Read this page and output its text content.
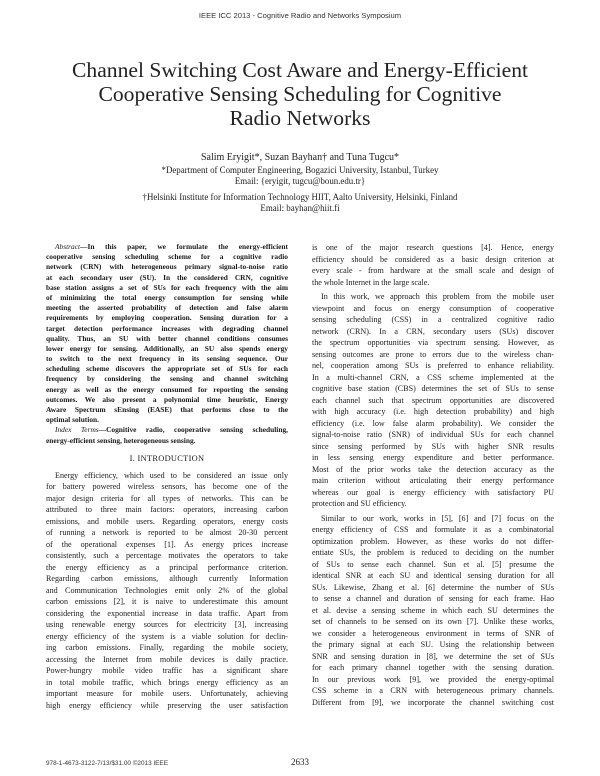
IEEE ICC 2013 - Cognitive Radio and Networks Symposium
Channel Switching Cost Aware and Energy-Efficient
Cooperative Sensing Scheduling for Cognitive
Radio Networks
Salim Eryigit*, Suzan Bayhan† and Tuna Tugcu*
*Department of Computer Engineering, Bogazici University, Istanbul, Turkey
Email: {eryigit, tugcu@boun.edu.tr}
†Helsinki Institute for Information Technology HIIT, Aalto University, Helsinki, Finland
Email: bayhan@hiit.fi
Abstract—In this paper, we formulate the energy-efficient
cooperative sensing scheduling scheme for a cognitive radio
network (CRN) with heterogeneous primary signal-to-noise ratio
at each secondary user (SU). In the considered CRN, cognitive
base station assigns a set of SUs for each frequency with the aim
of minimizing the total energy consumption for sensing while
meeting the asserted probability of detection and false alarm
requirements by employing cooperation. Sensing duration for a
target detection performance increases with degrading channel
quality. Thus, an SU with better channel conditions consumes
lower energy for sensing. Additionally, an SU also spends energy
to switch to the next frequency in its sensing sequence. Our
scheduling scheme discovers the appropriate set of SUs for each
frequency by considering the sensing and channel switching
energy as well as the energy consumed for reporting the sensing
outcomes. We also present a polynomial time heuristic, Energy
Aware Spectrum sEnsing (EASE) that performs close to the
optimal solution.
Index Terms—Cognitive radio, cooperative sensing scheduling,
energy-efficient sensing, heterogeneous sensing.
I. INTRODUCTION
Energy efficiency, which used to be considered an issue only
for battery powered wireless sensors, has become one of the
major design criteria for all types of networks. This can be
attributed to three main factors: operators, increasing carbon
emissions, and mobile users. Regarding operators, energy costs
of running a network is reported to be almost 20-30 percent
of the operational expenses [1]. As energy prices increase
consistently, such a percentage motivates the operators to take
the energy efficiency as a principal performance criterion.
Regarding carbon emissions, although currently Information
and Communication Technologies emit only 2% of the global
carbon emissions [2], it is naive to underestimate this amount
considering the exponential increase in data traffic. Apart from
using renewable energy sources for electricity [3], increasing
energy efficiency of the system is a viable solution for declin-
ing carbon emissions. Finally, regarding the mobile society,
accessing the Internet from mobile devices is daily practice.
Power-hungry mobile video traffic has a significant share
in total mobile traffic, which brings energy efficiency as an
important measure for mobile users. Unfortunately, achieving
high energy efficiency while preserving the user satisfaction
is one of the major research questions [4]. Hence, energy
efficiency should be considered as a basic design criterion at
every scale - from hardware at the small scale and design of
the whole Internet in the large scale.
In this work, we approach this problem from the mobile user
viewpoint and focus on energy consumption of cooperative
sensing scheduling (CSS) in a centralized cognitive radio
network (CRN). In a CRN, secondary users (SUs) discover
the spectrum opportunities via spectrum sensing. However, as
sensing outcomes are prone to errors due to the wireless chan-
nel, cooperation among SUs is preferred to enhance reliability.
In a multi-channel CRN, a CSS scheme implemented at the
cognitive base station (CBS) determines the set of SUs to sense
each channel such that spectrum opportunities are discovered
with high accuracy (i.e. high detection probability) and high
efficiency (i.e. low false alarm probability). We consider the
signal-to-noise ratio (SNR) of individual SUs for each channel
since sensing performed by SUs with higher SNR results
in less sensing energy expenditure and better performance.
Most of the prior works take the detection accuracy as the
main criterion without articulating their energy performance
whereas our goal is energy efficiency with satisfactory PU
protection and SU efficiency.
Similar to our work, works in [5], [6] and [7] focus on the
energy efficiency of CSS and formulate it as a combinatorial
optimization problem. However, as these works do not differ-
entiate SUs, the problem is reduced to deciding on the number
of SUs to sense each channel. Sun et al. [5] presume the
identical SNR at each SU and identical sensing duration for all
SUs. Likewise, Zhang et al. [6] determine the number of SUs
to sense a channel and duration of sensing for each frame. Hao
et al. devise a sensing scheme in which each SU determines the
set of channels to be sensed on its own [7]. Unlike these works,
we consider a heterogeneous environment in terms of SNR of
the primary signal at each SU. Using the relationship between
SNR and sensing duration in [8], we determine the set of SUs
for each primary channel together with the sensing duration.
In our previous work [9], we provided the energy-optimal
CSS scheme in a CRN with heterogeneous primary channels.
Different from [9], we incorporate the channel switching cost
978-1-4673-3122-7/13/$31.00 ©2013 IEEE	2633
